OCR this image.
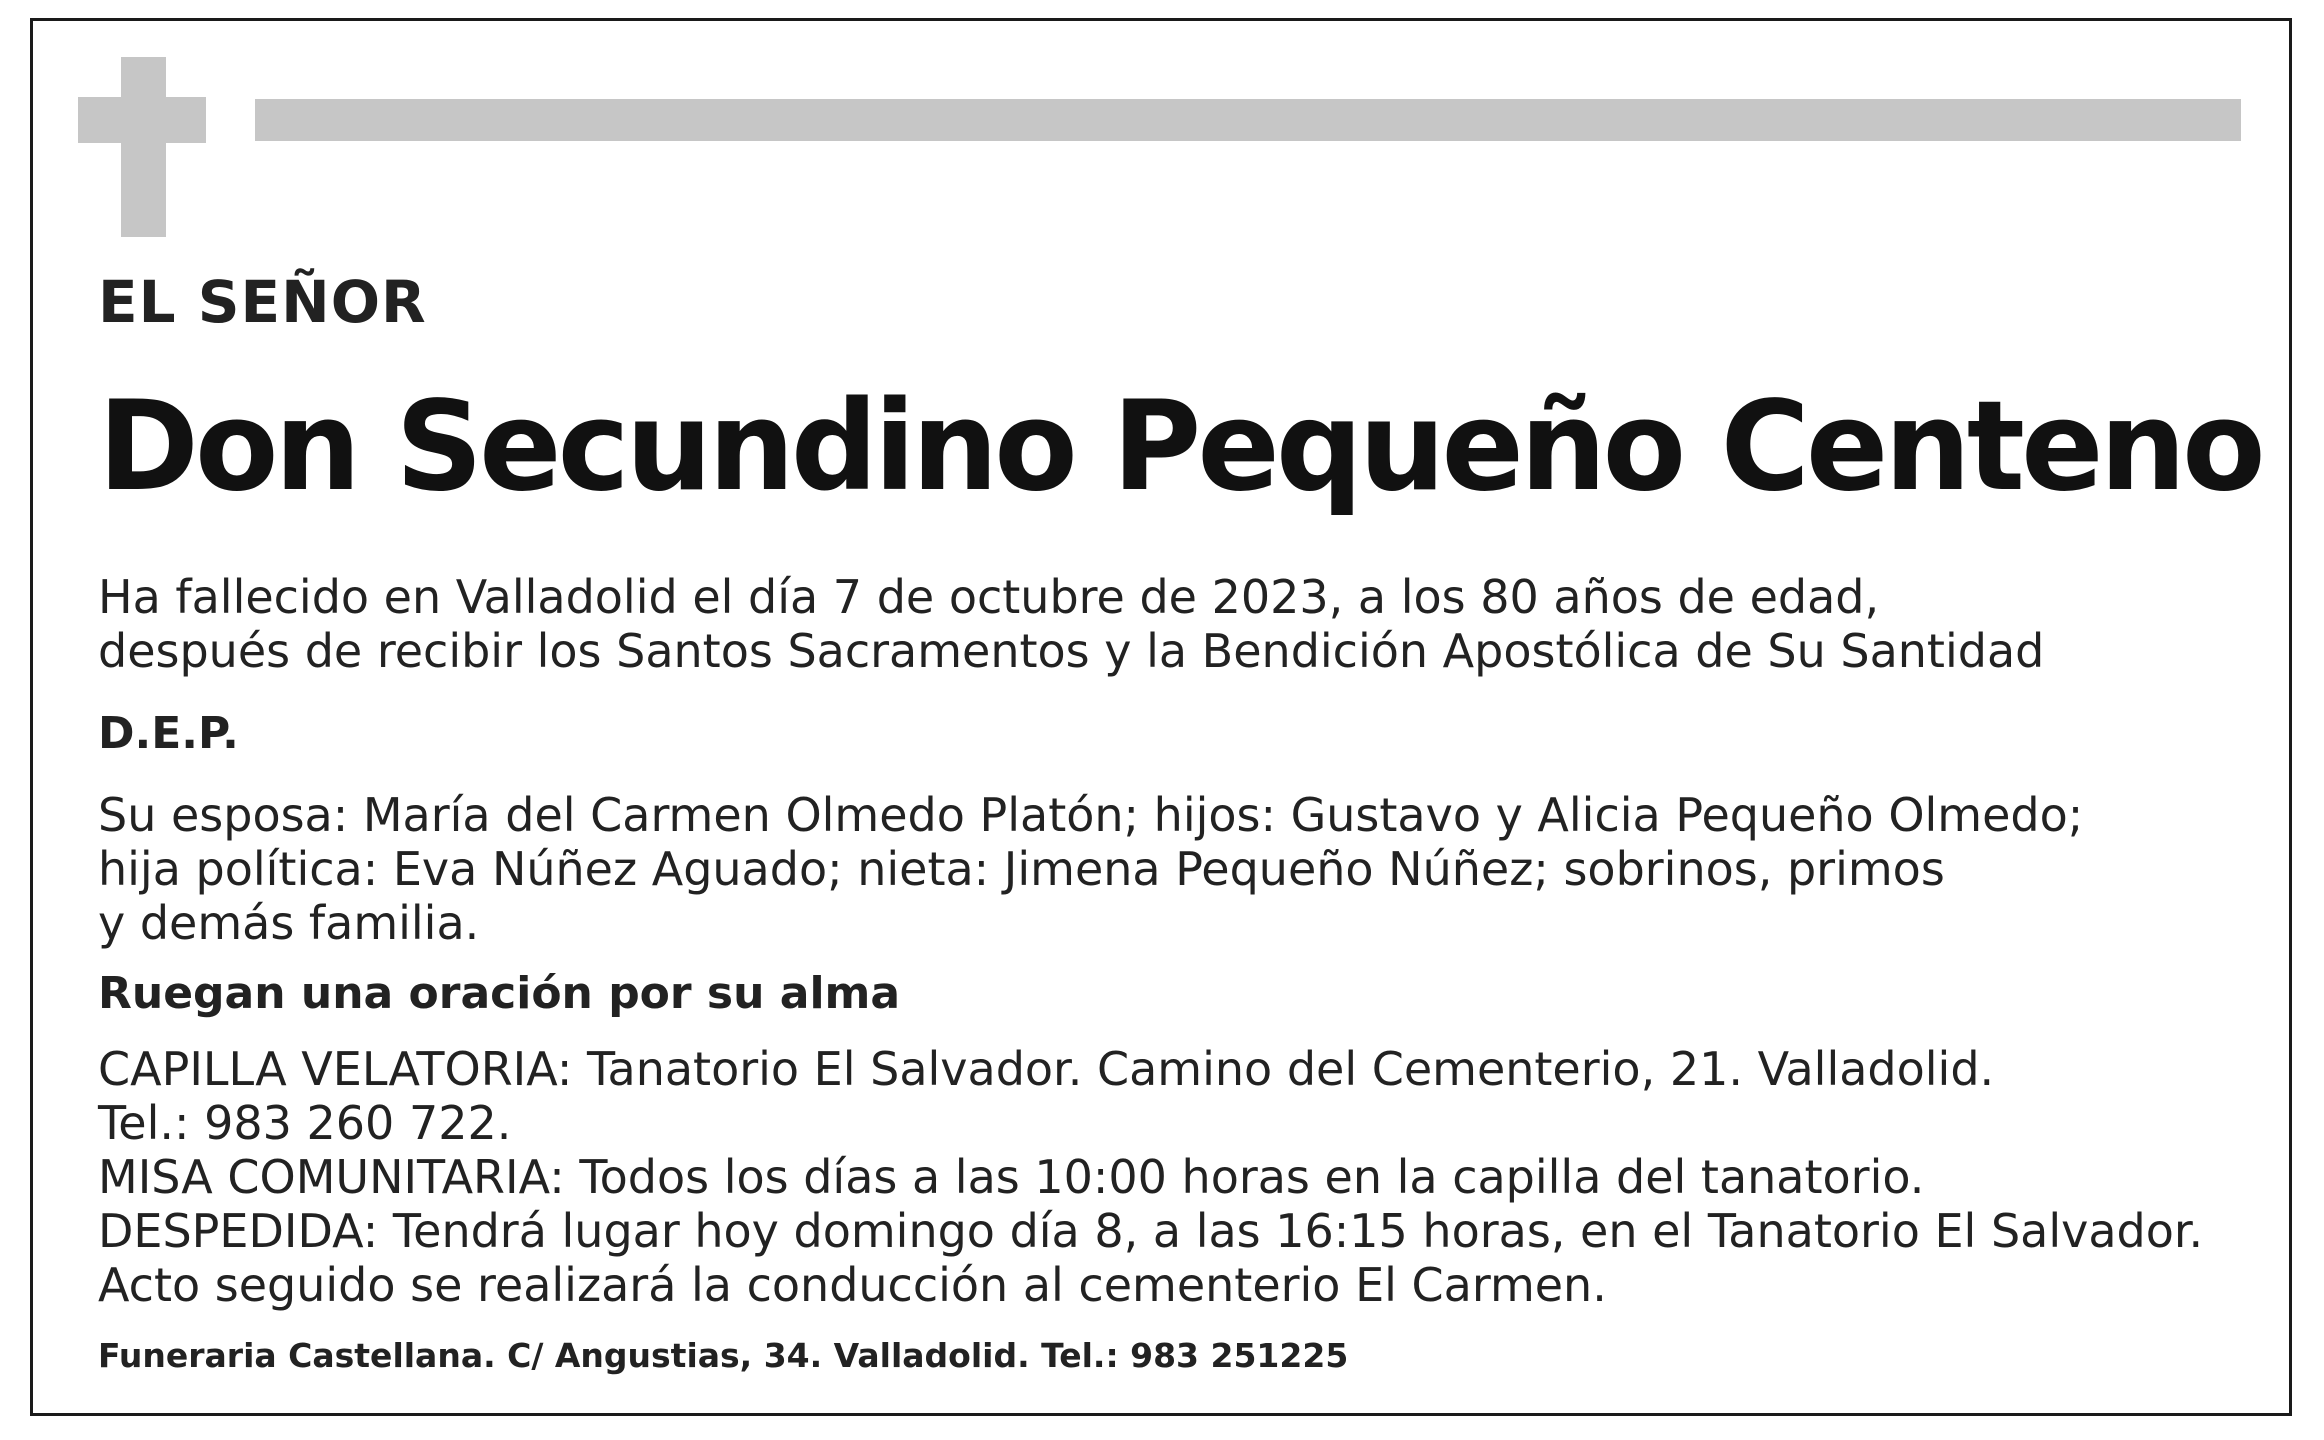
EL SEÑOR
Don Secundino Pequeño Centeno
Ha fallecido en Valladolid el día 7 de octubre de 2023, a los 80 años de edad,
después de recibir los Santos Sacramentos y la Bendición Apostólica de Su Santidad
D.E.P.
Su esposa: María del Carmen Olmedo Platón; hijos: Gustavo y Alicia Pequeño Olmedo;
hija política: Eva Núñez Aguado; nieta: Jimena Pequeño Núñez; sobrinos, primos
y demás familia.
Ruegan una oración por su alma
CAPILLA VELATORIA: Tanatorio El Salvador. Camino del Cementerio, 21. Valladolid.
Tel.: 983 260 722.
MISA COMUNITARIA: Todos los días a las 10:00 horas en la capilla del tanatorio.
DESPEDIDA: Tendrá lugar hoy domingo día 8, a las 16:15 horas, en el Tanatorio El Salvador.
Acto seguido se realizará la conducción al cementerio El Carmen.
Funeraria Castellana. C/ Angustias, 34. Valladolid. Tel.: 983 251225
